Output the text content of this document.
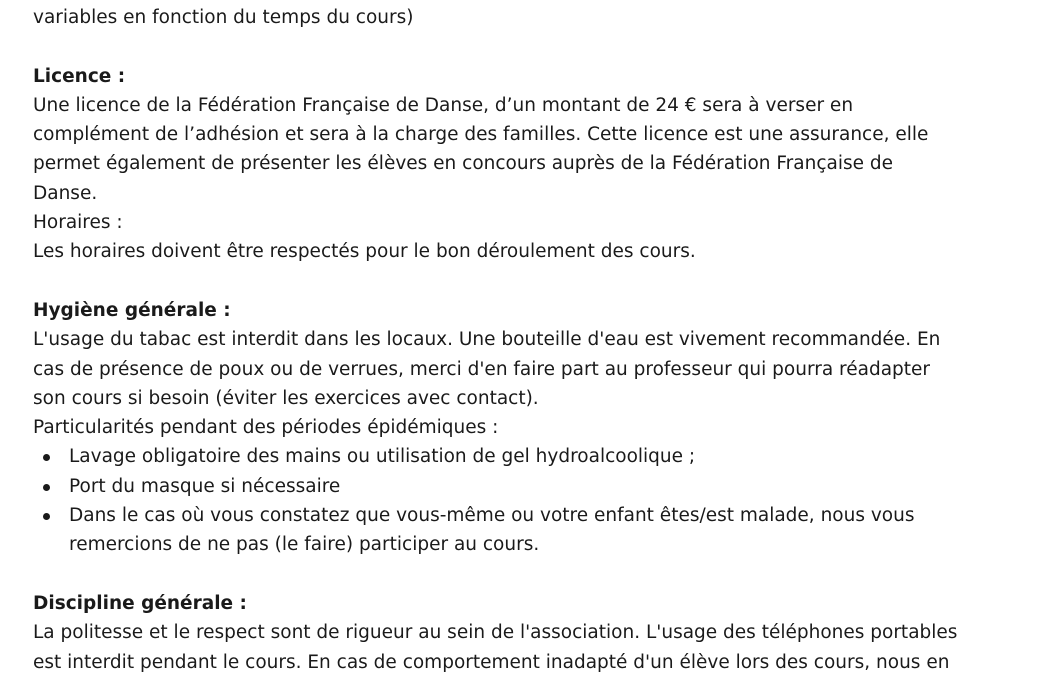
variables en fonction du temps du cours)
Licence :
Une licence de la Fédération Française de Danse, d’un montant de 24 € sera à verser en
complément de l’adhésion et sera à la charge des familles. Cette licence est une assurance, elle
permet également de présenter les élèves en concours auprès de la Fédération Française de
Danse.
Horaires :
Les horaires doivent être respectés pour le bon déroulement des cours.
Hygiène générale :
L'usage du tabac est interdit dans les locaux. Une bouteille d'eau est vivement recommandée. En
cas de présence de poux ou de verrues, merci d'en faire part au professeur qui pourra réadapter
son cours si besoin (éviter les exercices avec contact).
Particularités pendant des périodes épidémiques :
Lavage obligatoire des mains ou utilisation de gel hydroalcoolique ;
Port du masque si nécessaire
Dans le cas où vous constatez que vous-même ou votre enfant êtes/est malade, nous vous
remercions de ne pas (le faire) participer au cours.
Discipline générale :
La politesse et le respect sont de rigueur au sein de l'association. L'usage des téléphones portables
est interdit pendant le cours. En cas de comportement inadapté d'un élève lors des cours, nous en
